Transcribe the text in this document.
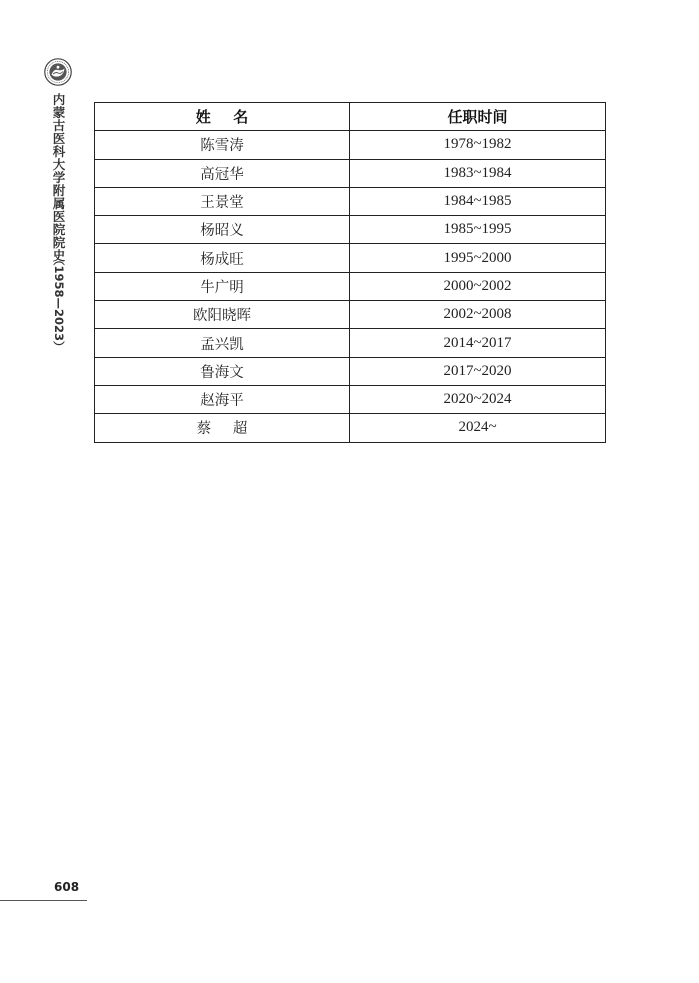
内蒙古医科大学附属医院院史
（1958—2023）
姓  名	任职时间
陈雪涛	1978~1982
高冠华	1983~1984
王景堂	1984~1985
杨昭义	1985~1995
杨成旺	1995~2000
牛广明	2000~2002
欧阳晓晖	2002~2008
孟兴凯	2014~2017
鲁海文	2017~2020
赵海平	2020~2024
蔡  超	2024~
608
